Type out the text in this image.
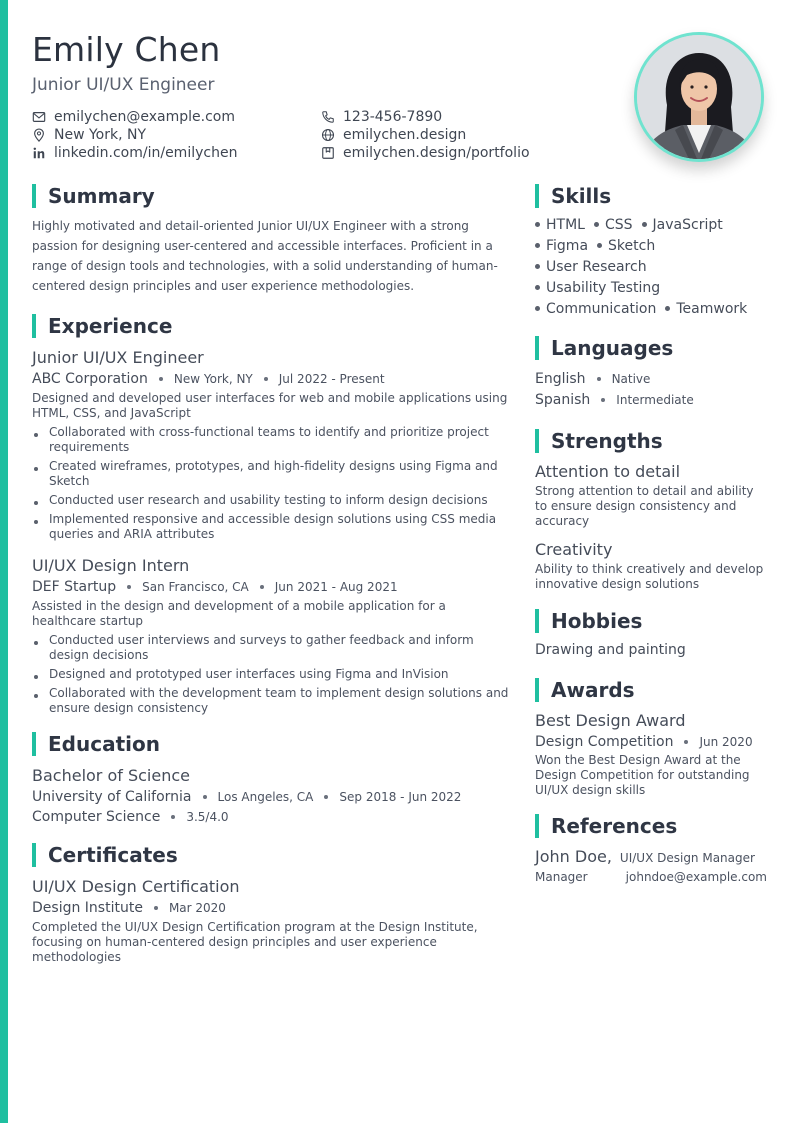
Emily Chen
Junior UI/UX Engineer
emilychen@example.com	123-456-7890
New York, NY	emilychen.design
linkedin.com/in/emilychen	emilychen.design/portfolio
Summary

Highly motivated and detail-oriented Junior UI/UX Engineer with a strong passion for designing user-centered and accessible interfaces. Proficient in a range of design tools and technologies, with a solid understanding of human-centered design principles and user experience methodologies.

Experience
Junior UI/UX Engineer
ABC Corporation New York, NY Jul 2022 - Present
Designed and developed user interfaces for web and mobile applications using HTML, CSS, and JavaScript
Collaborated with cross-functional teams to identify and prioritize project requirements
Created wireframes, prototypes, and high-fidelity designs using Figma and Sketch
Conducted user research and usability testing to inform design decisions
Implemented responsive and accessible design solutions using CSS media queries and ARIA attributes
UI/UX Design Intern
DEF Startup San Francisco, CA Jun 2021 - Aug 2021
Assisted in the design and development of a mobile application for a healthcare startup
Conducted user interviews and surveys to gather feedback and inform design decisions
Designed and prototyped user interfaces using Figma and InVision
Collaborated with the development team to implement design solutions and ensure design consistency
Education
Bachelor of Science
University of California Los Angeles, CA Sep 2018 - Jun 2022
Computer Science 3.5/4.0
Certificates
UI/UX Design Certification
Design Institute Mar 2020
Completed the UI/UX Design Certification program at the Design Institute, focusing on human-centered design principles and user experience methodologies
Skills
HTML CSS JavaScript
Figma Sketch
User Research
Usability Testing
Communication Teamwork
Languages
English Native
Spanish Intermediate
Strengths
Attention to detail
Strong attention to detail and ability to ensure design consistency and accuracy
Creativity
Ability to think creatively and develop innovative design solutions
Hobbies
Drawing and painting
Awards
Best Design Award
Design Competition Jun 2020
Won the Best Design Award at the Design Competition for outstanding UI/UX design skills
References
John Doe, UI/UX Design Manager
Manager	johndoe@example.com
